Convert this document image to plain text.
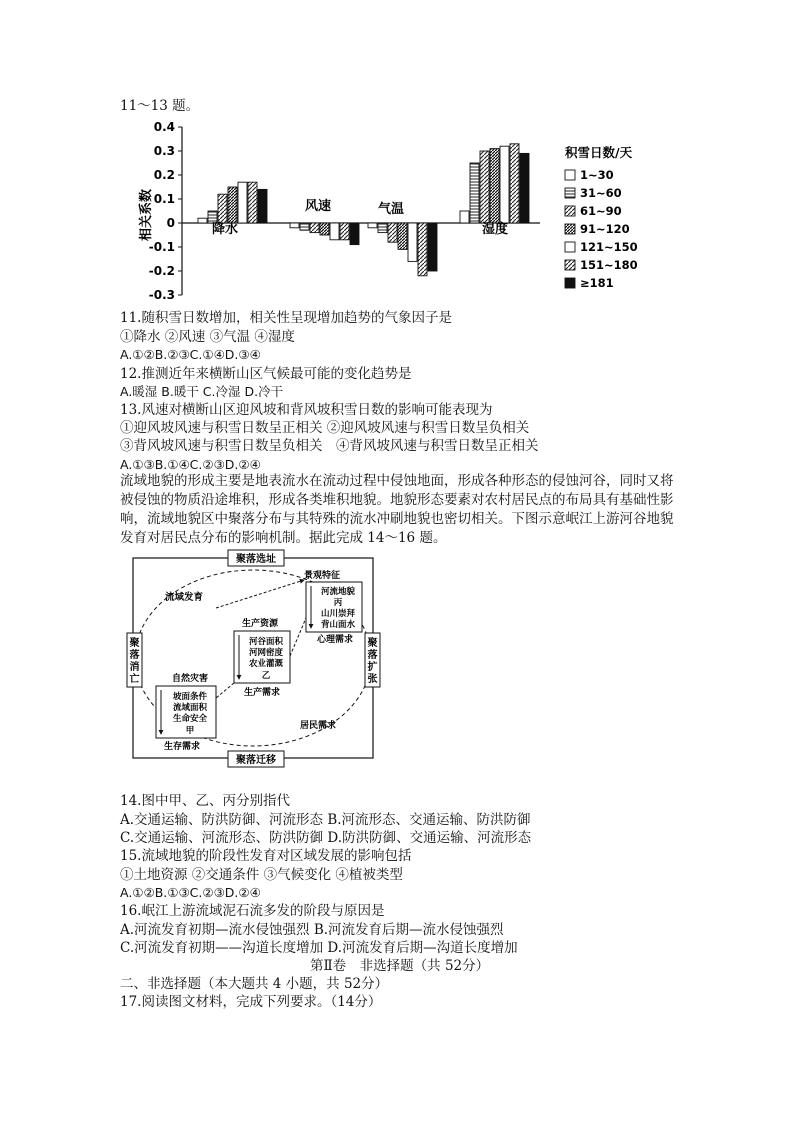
11～13 题。
相关系数
0.4
0.3
0.2
0.1
0
-0.1
-0.2
-0.3
降水
风速	气温
湿度
积雪日数/天
1~30
31~60
61~90
91~120
121~150
151~180
≥181
11.随积雪日数增加，相关性呈现增加趋势的气象因子是
①降水 ②风速 ③气温 ④湿度
A.①②B.②③C.①④D.③④
12.推测近年来横断山区气候最可能的变化趋势是
A.暖湿 B.暖干 C.冷湿 D.冷干
13.风速对横断山区迎风坡和背风坡积雪日数的影响可能表现为
①迎风坡风速与积雪日数呈正相关 ②迎风坡风速与积雪日数呈负相关
③背风坡风速与积雪日数呈负相关　④背风坡风速与积雪日数呈正相关
A.①③B.①④C.②③D.②④
流域地貌的形成主要是地表流水在流动过程中侵蚀地面，形成各种形态的侵蚀河谷，同时又将被侵蚀的物质沿途堆积，形成各类堆积地貌。地貌形态要素对农村居民点的布局具有基础性影响，流域地貌区中聚落分布与其特殊的流水冲刷地貌也密切相关。下图示意岷江上游河谷地貌发育对居民点分布的影响机制。据此完成 14～16 题。
聚落选址
聚落迁移
聚
落
消
亡
聚
落
扩
张
流域发育
景观特征
河流地貌
丙
山川崇拜
背山面水
心理需求
生产资源
河谷面积
河网密度
农业灌溉
乙
生产需求
自然灾害
坡面条件
流域面积
生命安全
甲
生存需求
居民需求
14.图中甲、乙、丙分别指代
A.交通运输、防洪防御、河流形态 B.河流形态、交通运输、防洪防御
C.交通运输、河流形态、防洪防御 D.防洪防御、交通运输、河流形态
15.流域地貌的阶段性发育对区域发展的影响包括
①土地资源 ②交通条件 ③气候变化 ④植被类型
A.①②B.①③C.②③D.②④
16.岷江上游流域泥石流多发的阶段与原因是
A.河流发育初期—流水侵蚀强烈 B.河流发育后期—流水侵蚀强烈
C.河流发育初期——沟道长度增加 D.河流发育后期—沟道长度增加
第Ⅱ卷　非选择题（共 52分）
二、非选择题（本大题共 4 小题，共 52分）
17.阅读图文材料，完成下列要求。（14分）
